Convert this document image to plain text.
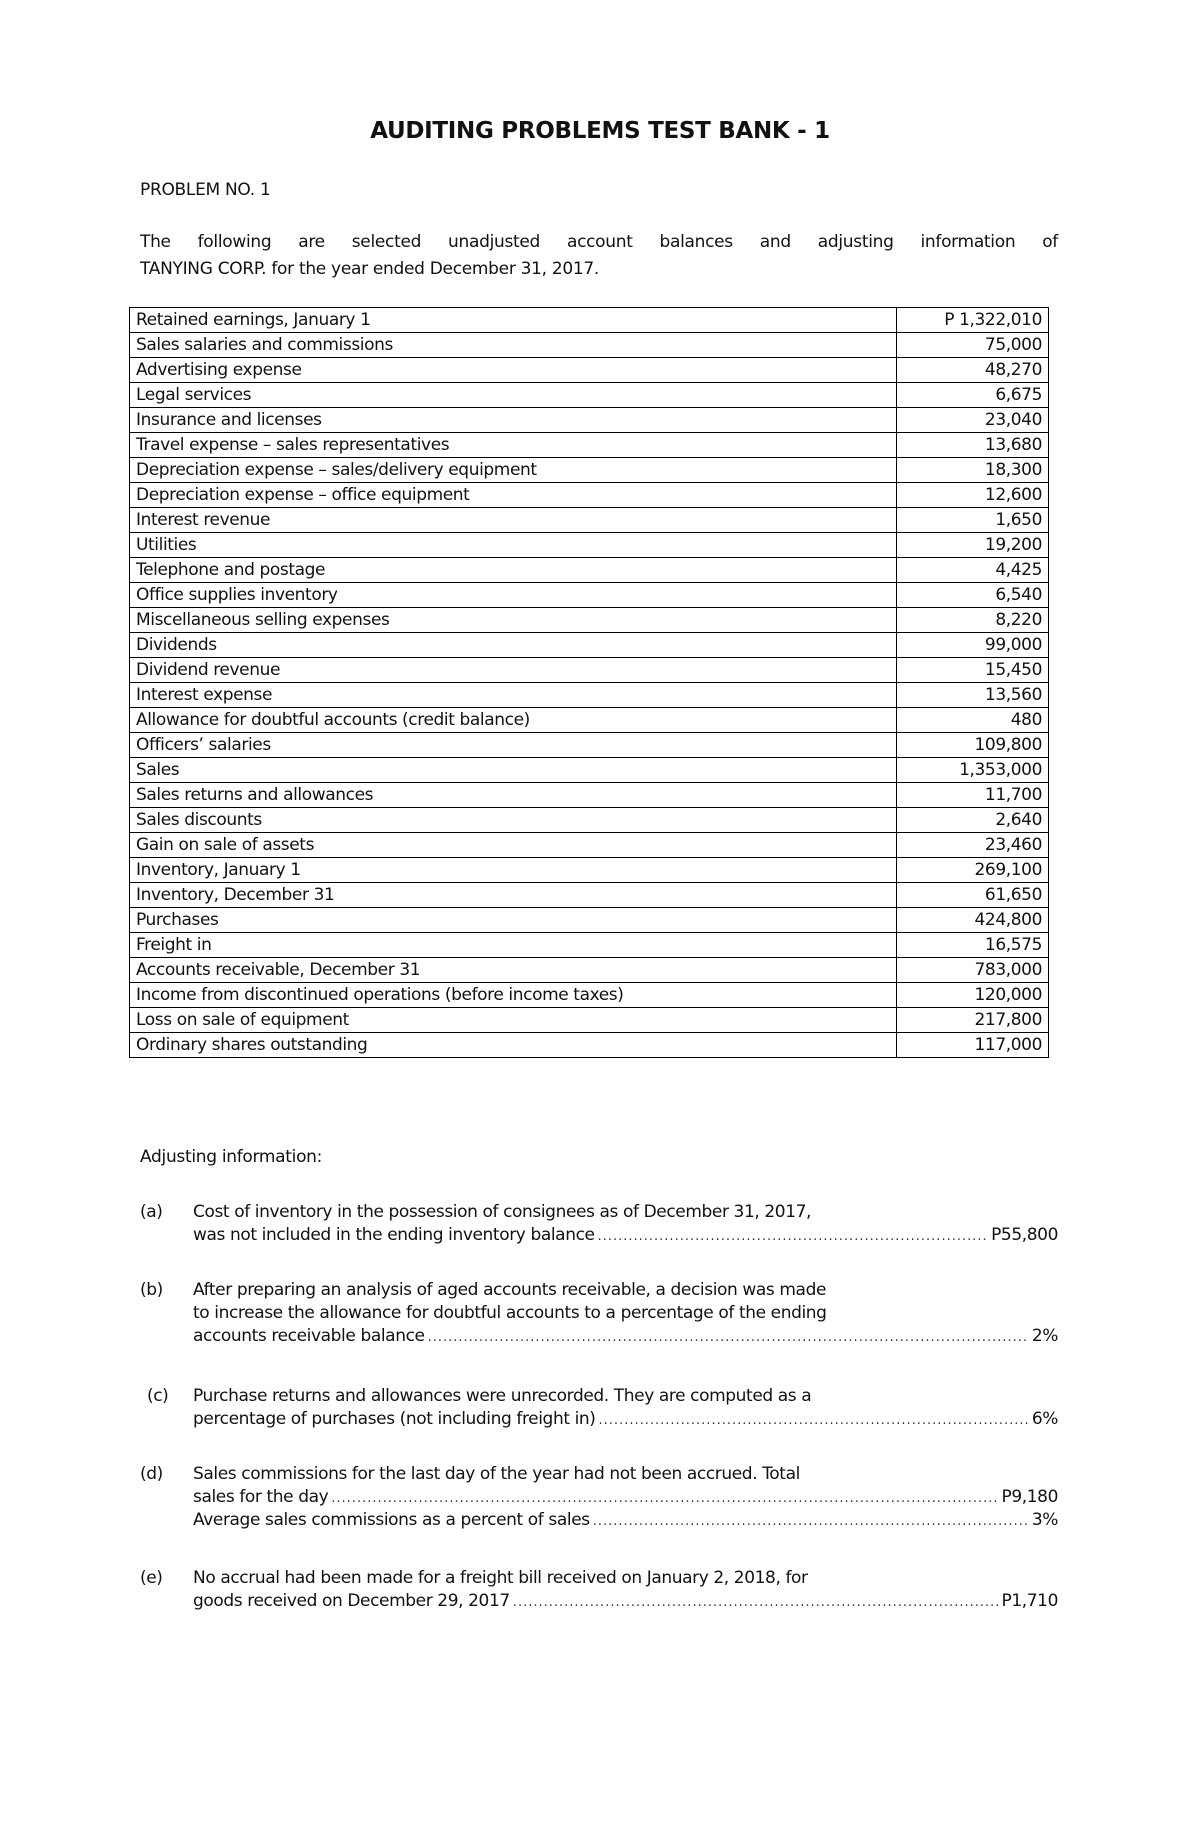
AUDITING PROBLEMS TEST BANK - 1
PROBLEM NO. 1
The following are selected unadjusted account balances and adjusting information of
TANYING CORP. for the year ended December 31, 2017.
Retained earnings, January 1	P 1,322,010
Sales salaries and commissions	75,000
Advertising expense	48,270
Legal services	6,675
Insurance and licenses	23,040
Travel expense – sales representatives	13,680
Depreciation expense – sales/delivery equipment	18,300
Depreciation expense – office equipment	12,600
Interest revenue	1,650
Utilities	19,200
Telephone and postage	4,425
Office supplies inventory	6,540
Miscellaneous selling expenses	8,220
Dividends	99,000
Dividend revenue	15,450
Interest expense	13,560
Allowance for doubtful accounts (credit balance)	480
Officers’ salaries	109,800
Sales	1,353,000
Sales returns and allowances	11,700
Sales discounts	2,640
Gain on sale of assets	23,460
Inventory, January 1	269,100
Inventory, December 31	61,650
Purchases	424,800
Freight in	16,575
Accounts receivable, December 31	783,000
Income from discontinued operations (before income taxes)	120,000
Loss on sale of equipment	217,800
Ordinary shares outstanding	117,000
Adjusting information:
(a) Cost of inventory in the possession of consignees as of December 31, 2017,
was not included in the ending inventory balance .....	P55,800
(b) After preparing an analysis of aged accounts receivable, a decision was made
to increase the allowance for doubtful accounts to a percentage of the ending
accounts receivable balance .....	2%
(c) Purchase returns and allowances were unrecorded. They are computed as a
percentage of purchases (not including freight in) .....	6%
(d) Sales commissions for the last day of the year had not been accrued. Total
sales for the day .....	P9,180
Average sales commissions as a percent of sales .....	3%
(e) No accrual had been made for a freight bill received on January 2, 2018, for
goods received on December 29, 2017 .....	P1,710
